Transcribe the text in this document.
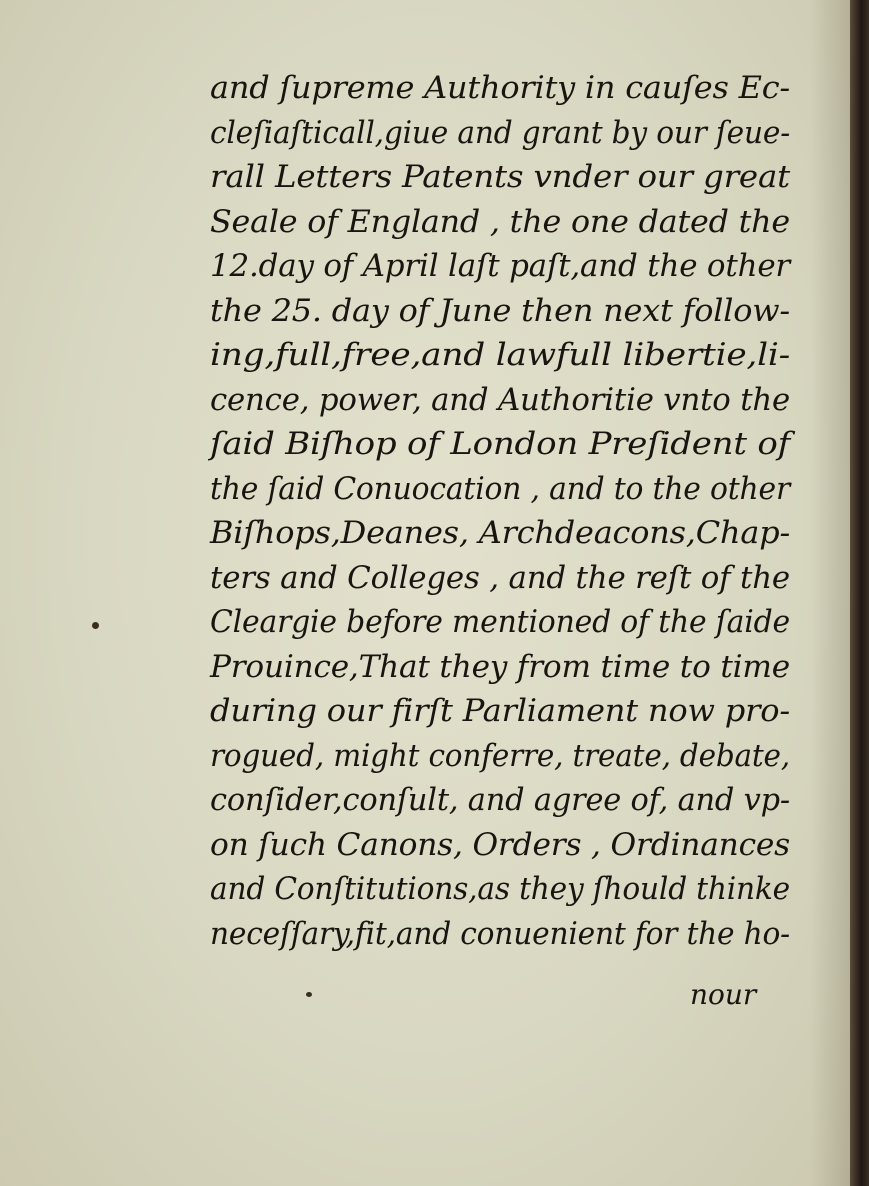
and ſupreme Authority in cauſes Ec-
cleſiaſticall,giue and grant by our ſeue-
rall Letters Patents vnder our great
Seale of England , the one dated the
12.day of April laſt paſt,and the other
the 25. day of June then next follow-
ing,full,free,and lawfull libertie,li-
cence, power, and Authoritie vnto the
ſaid Biſhop of London Preſident of
the ſaid Conuocation , and to the other
Biſhops,Deanes, Archdeacons,Chap-
ters and Colleges , and the reſt of the
Cleargie before mentioned of the ſaide
Prouince,That they from time to time
during our firſt Parliament now pro-
rogued, might conferre, treate, debate,
conſider,conſult, and agree of, and vp-
on ſuch Canons, Orders , Ordinances
and Conſtitutions,as they ſhould thinke
neceſſary,fit,and conuenient for the ho-
nour
